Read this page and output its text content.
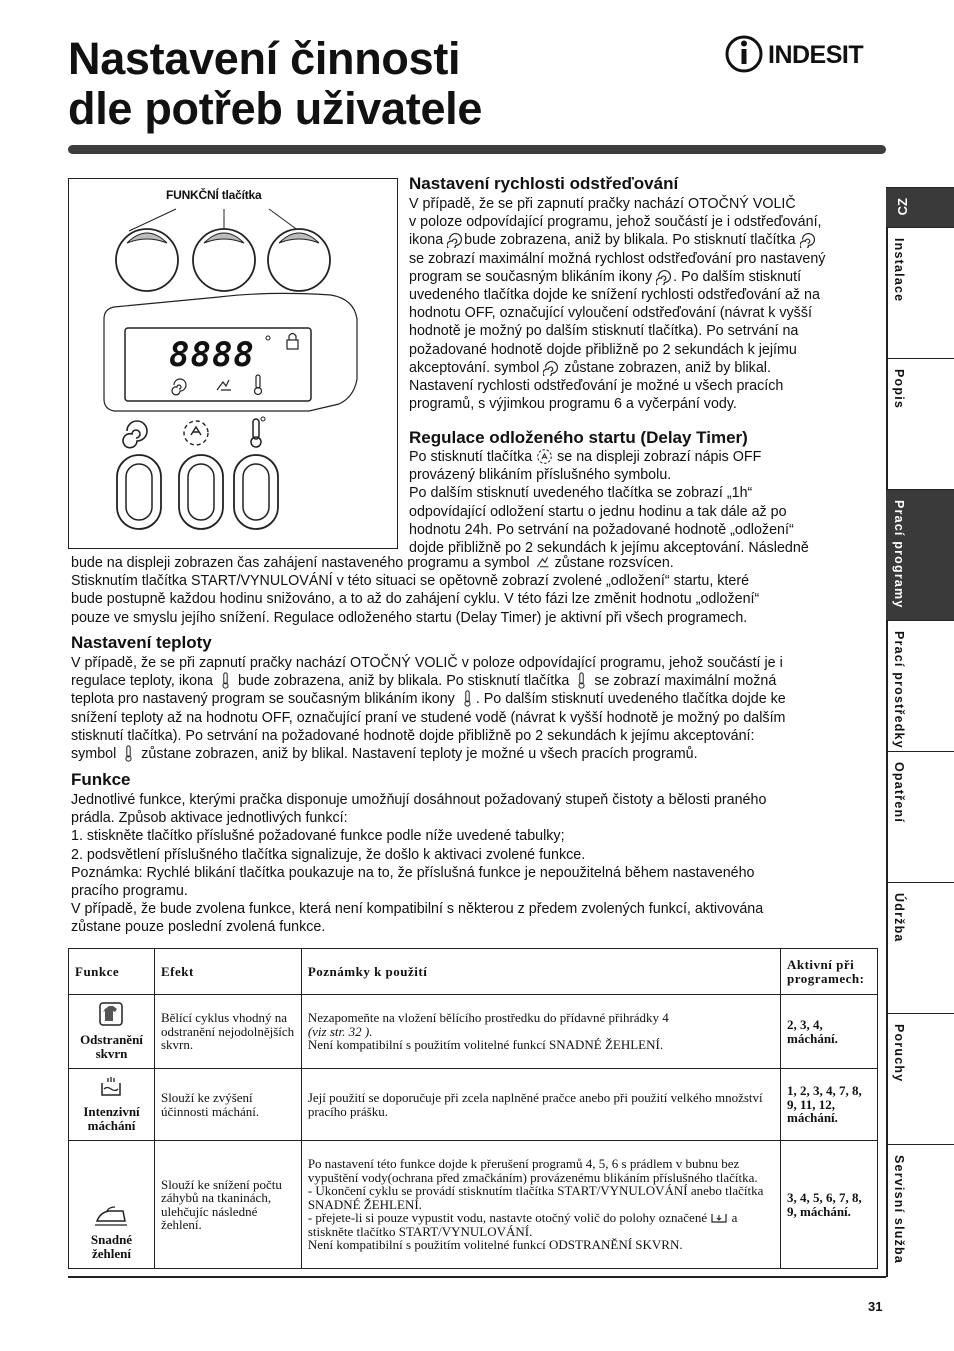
Nastavení činnosti
dle potřeb uživatele
INDESIT
8888
FUNKČNÍ tlačítka
Nastavení rychlosti odstřeďování
V případě, že se při zapnutí pračky nachází OTOČNÝ VOLIČ
v poloze odpovídající programu, jehož součástí je i odstřeďování,
ikona bude zobrazena, aniž by blikala. Po stisknutí tlačítka
se zobrazí maximální možná rychlost odstřeďování pro nastavený
program se současným blikáním ikony . Po dalším stisknutí
uvedeného tlačítka dojde ke snížení rychlosti odstřeďování až na
hodnotu OFF, označující vyloučení odstřeďování (návrat k vyšší
hodnotě je možný po dalším stisknutí tlačítka). Po setrvání na
požadované hodnotě dojde přibližně po 2 sekundách k jejímu
akceptování. symbol zůstane zobrazen, aniž by blikal.
Nastavení rychlosti odstřeďování je možné u všech pracích
programů, s výjimkou programu 6 a vyčerpání vody.
Regulace odloženého startu (Delay Timer)
Po stisknutí tlačítka se na displeji zobrazí nápis OFF
provázený blikáním příslušného symbolu.
Po dalším stisknutí uvedeného tlačítka se zobrazí „1h“
odpovídající odložení startu o jednu hodinu a tak dále až po
hodnotu 24h. Po setrvání na požadované hodnotě „odložení“
dojde přibližně po 2 sekundách k jejímu akceptování. Následně
bude na displeji zobrazen čas zahájení nastaveného programu a symbol zůstane rozsvícen.
Stisknutím tlačítka START/VYNULOVÁNÍ v této situaci se opětovně zobrazí zvolené „odložení“ startu, které
bude postupně každou hodinu snižováno, a to až do zahájení cyklu. V této fázi lze změnit hodnotu „odložení“
pouze ve smyslu jejího snížení. Regulace odloženého startu (Delay Timer) je aktivní při všech programech.
Nastavení teploty
V případě, že se při zapnutí pračky nachází OTOČNÝ VOLIČ v poloze odpovídající programu, jehož součástí je i
regulace teploty, ikona bude zobrazena, aniž by blikala. Po stisknutí tlačítka se zobrazí maximální možná
teplota pro nastavený program se současným blikáním ikony . Po dalším stisknutí uvedeného tlačítka dojde ke
snížení teploty až na hodnotu OFF, označující praní ve studené vodě (návrat k vyšší hodnotě je možný po dalším
stisknutí tlačítka). Po setrvání na požadované hodnotě dojde přibližně po 2 sekundách k jejímu akceptování:
symbol zůstane zobrazen, aniž by blikal. Nastavení teploty je možné u všech pracích programů.
Funkce
Jednotlivé funkce, kterými pračka disponuje umožňují dosáhnout požadovaný stupeň čistoty a bělosti praného
prádla. Způsob aktivace jednotlivých funkcí:
1. stiskněte tlačítko příslušné požadované funkce podle níže uvedené tabulky;
2. podsvětlení příslušného tlačítka signalizuje, že došlo k aktivaci zvolené funkce.
Poznámka: Rychlé blikání tlačítka poukazuje na to, že příslušná funkce je nepoužitelná během nastaveného
pracího programu.
V případě, že bude zvolena funkce, která není kompatibilní s některou z předem zvolených funkcí, aktivována
zůstane pouze poslední zvolená funkce.
Funkce	Efekt	Poznámky k použití	Aktivní při programech:

Odstranění skvrn	Bělící cyklus vhodný na odstranění nejodolnějších skvrn.	Nezapomeňte na vložení bělícího prostředku do přídavné přihrádky 4
(viz str. 32 ).
Není kompatibilní s použitím volitelné funkcí SNADNÉ ŽEHLENÍ.	2, 3, 4, máchání.

Intenzivní máchání	Slouží ke zvýšení účinnosti máchání.	Její použití se doporučuje při zcela naplněné pračce anebo při použití velkého množství pracího prášku.	1, 2, 3, 4, 7, 8, 9, 11, 12, máchání.

Snadné žehlení	Slouží ke snížení počtu záhybů na tkaninách, ulehčujíc následné žehlení.	Po nastavení této funkce dojde k přerušení programů 4, 5, 6 s prádlem v bubnu bez vypuštění vody(ochrana před zmačkáním) provázenému blikáním příslušného tlačítka.
- Ukončení cyklu se provádí stisknutím tlačítka START/VYNULOVÁNÍ anebo tlačítka SNADNÉ ŽEHLENÍ.
- přejete-li si pouze vypustit vodu, nastavte otočný volič do polohy označené a stiskněte tlačítko START/VYNULOVÁNÍ.
Není kompatibilní s použitím volitelné funkcí ODSTRANĚNÍ SKVRN.	3, 4, 5, 6, 7, 8, 9, máchání.
31
CZ
Instalace
Popis
Prací programy
Prací prostředky
Opatření
Údržba
Poruchy
Servisní služba
